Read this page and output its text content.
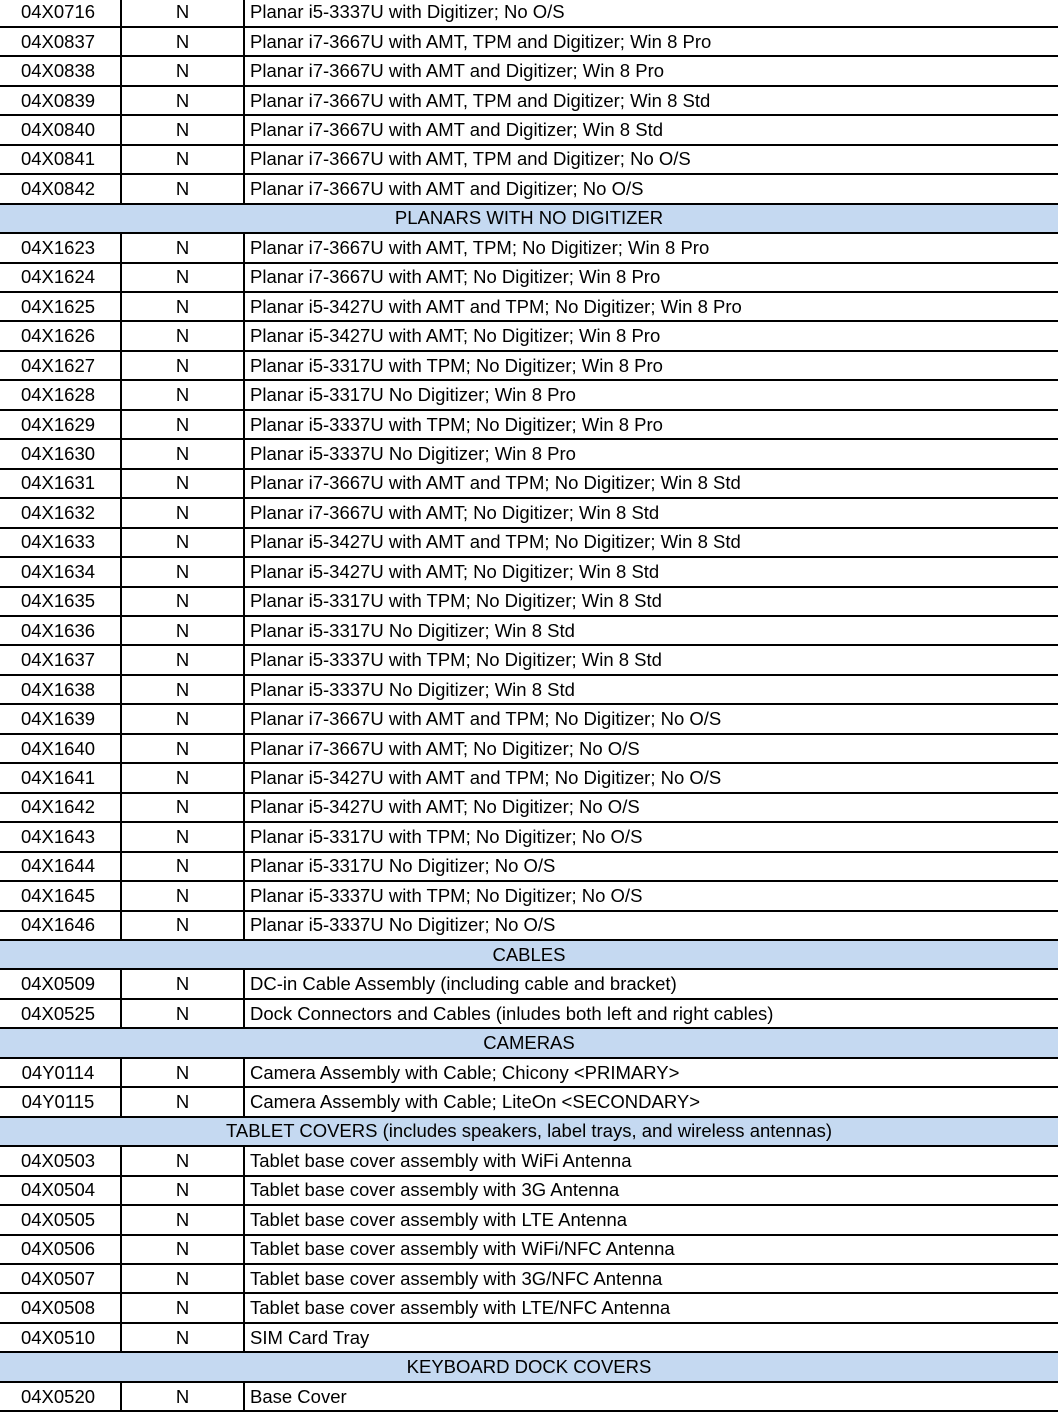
04X0716	N	Planar i5-3337U with Digitizer; No O/S
04X0837	N	Planar i7-3667U with AMT, TPM and Digitizer; Win 8 Pro
04X0838	N	Planar i7-3667U with AMT and Digitizer; Win 8 Pro
04X0839	N	Planar i7-3667U with AMT, TPM and Digitizer; Win 8 Std
04X0840	N	Planar i7-3667U with AMT and Digitizer; Win 8 Std
04X0841	N	Planar i7-3667U with AMT, TPM and Digitizer; No O/S
04X0842	N	Planar i7-3667U with AMT and Digitizer; No O/S
PLANARS WITH NO DIGITIZER
04X1623	N	Planar i7-3667U with AMT, TPM; No Digitizer; Win 8 Pro
04X1624	N	Planar i7-3667U with AMT; No Digitizer; Win 8 Pro
04X1625	N	Planar i5-3427U with AMT and TPM; No Digitizer; Win 8 Pro
04X1626	N	Planar i5-3427U with AMT; No Digitizer; Win 8 Pro
04X1627	N	Planar i5-3317U with TPM; No Digitizer; Win 8 Pro
04X1628	N	Planar i5-3317U No Digitizer; Win 8 Pro
04X1629	N	Planar i5-3337U with TPM; No Digitizer; Win 8 Pro
04X1630	N	Planar i5-3337U No Digitizer; Win 8 Pro
04X1631	N	Planar i7-3667U with AMT and TPM; No Digitizer; Win 8 Std
04X1632	N	Planar i7-3667U with AMT; No Digitizer; Win 8 Std
04X1633	N	Planar i5-3427U with AMT and TPM; No Digitizer; Win 8 Std
04X1634	N	Planar i5-3427U with AMT; No Digitizer; Win 8 Std
04X1635	N	Planar i5-3317U with TPM; No Digitizer; Win 8 Std
04X1636	N	Planar i5-3317U No Digitizer; Win 8 Std
04X1637	N	Planar i5-3337U with TPM; No Digitizer; Win 8 Std
04X1638	N	Planar i5-3337U No Digitizer; Win 8 Std
04X1639	N	Planar i7-3667U with AMT and TPM; No Digitizer; No O/S
04X1640	N	Planar i7-3667U with AMT; No Digitizer; No O/S
04X1641	N	Planar i5-3427U with AMT and TPM; No Digitizer; No O/S
04X1642	N	Planar i5-3427U with AMT; No Digitizer; No O/S
04X1643	N	Planar i5-3317U with TPM; No Digitizer; No O/S
04X1644	N	Planar i5-3317U No Digitizer; No O/S
04X1645	N	Planar i5-3337U with TPM; No Digitizer; No O/S
04X1646	N	Planar i5-3337U No Digitizer; No O/S
CABLES
04X0509	N	DC-in Cable Assembly (including cable and bracket)
04X0525	N	Dock Connectors and Cables (inludes both left and right cables)
CAMERAS
04Y0114	N	Camera Assembly with Cable; Chicony <PRIMARY>
04Y0115	N	Camera Assembly with Cable; LiteOn <SECONDARY>
TABLET COVERS (includes speakers, label trays, and wireless antennas)
04X0503	N	Tablet base cover assembly with WiFi Antenna
04X0504	N	Tablet base cover assembly with 3G Antenna
04X0505	N	Tablet base cover assembly with LTE Antenna
04X0506	N	Tablet base cover assembly with WiFi/NFC Antenna
04X0507	N	Tablet base cover assembly with 3G/NFC Antenna
04X0508	N	Tablet base cover assembly with LTE/NFC Antenna
04X0510	N	SIM Card Tray
KEYBOARD DOCK COVERS
04X0520	N	Base Cover
